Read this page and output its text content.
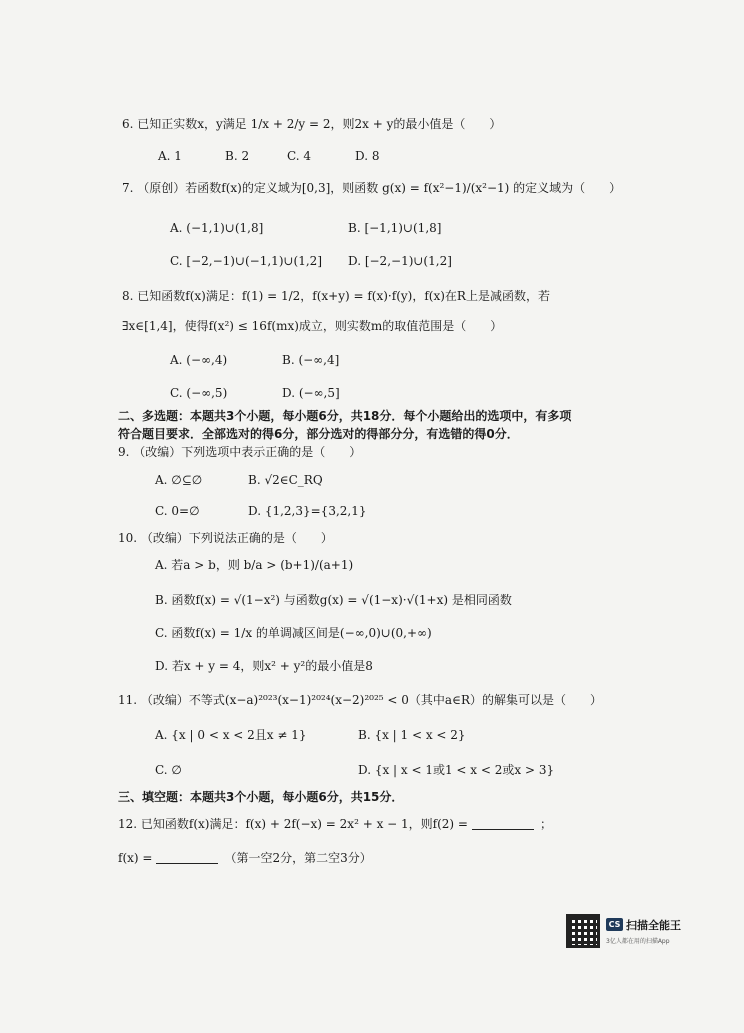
6. 已知正实数x，y满足 1/x + 2/y = 2，则2x + y的最小值是（　　）
A. 1	B. 2	C. 4	D. 8
7. （原创）若函数f(x)的定义域为[0,3]，则函数 g(x) = f(x²−1)/(x²−1) 的定义域为（　　）
A. (−1,1)∪(1,8]	B. [−1,1)∪(1,8]
C. [−2,−1)∪(−1,1)∪(1,2] D. [−2,−1)∪(1,2]
8. 已知函数f(x)满足：f(1) = 1/2，f(x+y) = f(x)·f(y)，f(x)在R上是减函数，若
∃x∈[1,4]，使得f(x²) ≤ 16f(mx)成立，则实数m的取值范围是（　　）
A. (−∞,4)	B. (−∞,4]
C. (−∞,5)	D. (−∞,5]
二、多选题：本题共3个小题，每小题6分，共18分．每个小题给出的选项中，有多项
符合题目要求．全部选对的得6分，部分选对的得部分分，有选错的得0分．
9. （改编）下列选项中表示正确的是（　　）
A. ∅⊆∅	B. √2∈C_RQ
C. 0=∅	D. {1,2,3}={3,2,1}
10. （改编）下列说法正确的是（　　）
A. 若a > b，则 b/a > (b+1)/(a+1)
B. 函数f(x) = √(1−x²) 与函数g(x) = √(1−x)·√(1+x) 是相同函数
C. 函数f(x) = 1/x 的单调减区间是(−∞,0)∪(0,+∞)
D. 若x + y = 4，则x² + y²的最小值是8
11. （改编）不等式(x−a)²⁰²³(x−1)²⁰²⁴(x−2)²⁰²⁵ < 0（其中a∈R）的解集可以是（　　）
A. {x | 0 < x < 2且x ≠ 1}	B. {x | 1 < x < 2}
C. ∅	D. {x | x < 1或1 < x < 2或x > 3}
三、填空题：本题共3个小题，每小题6分，共15分．
12. 已知函数f(x)满足：f(x) + 2f(−x) = 2x² + x − 1，则f(2) =	；
f(x) =	（第一空2分，第二空3分）
CS 扫描全能王
3亿人都在用的扫描App
